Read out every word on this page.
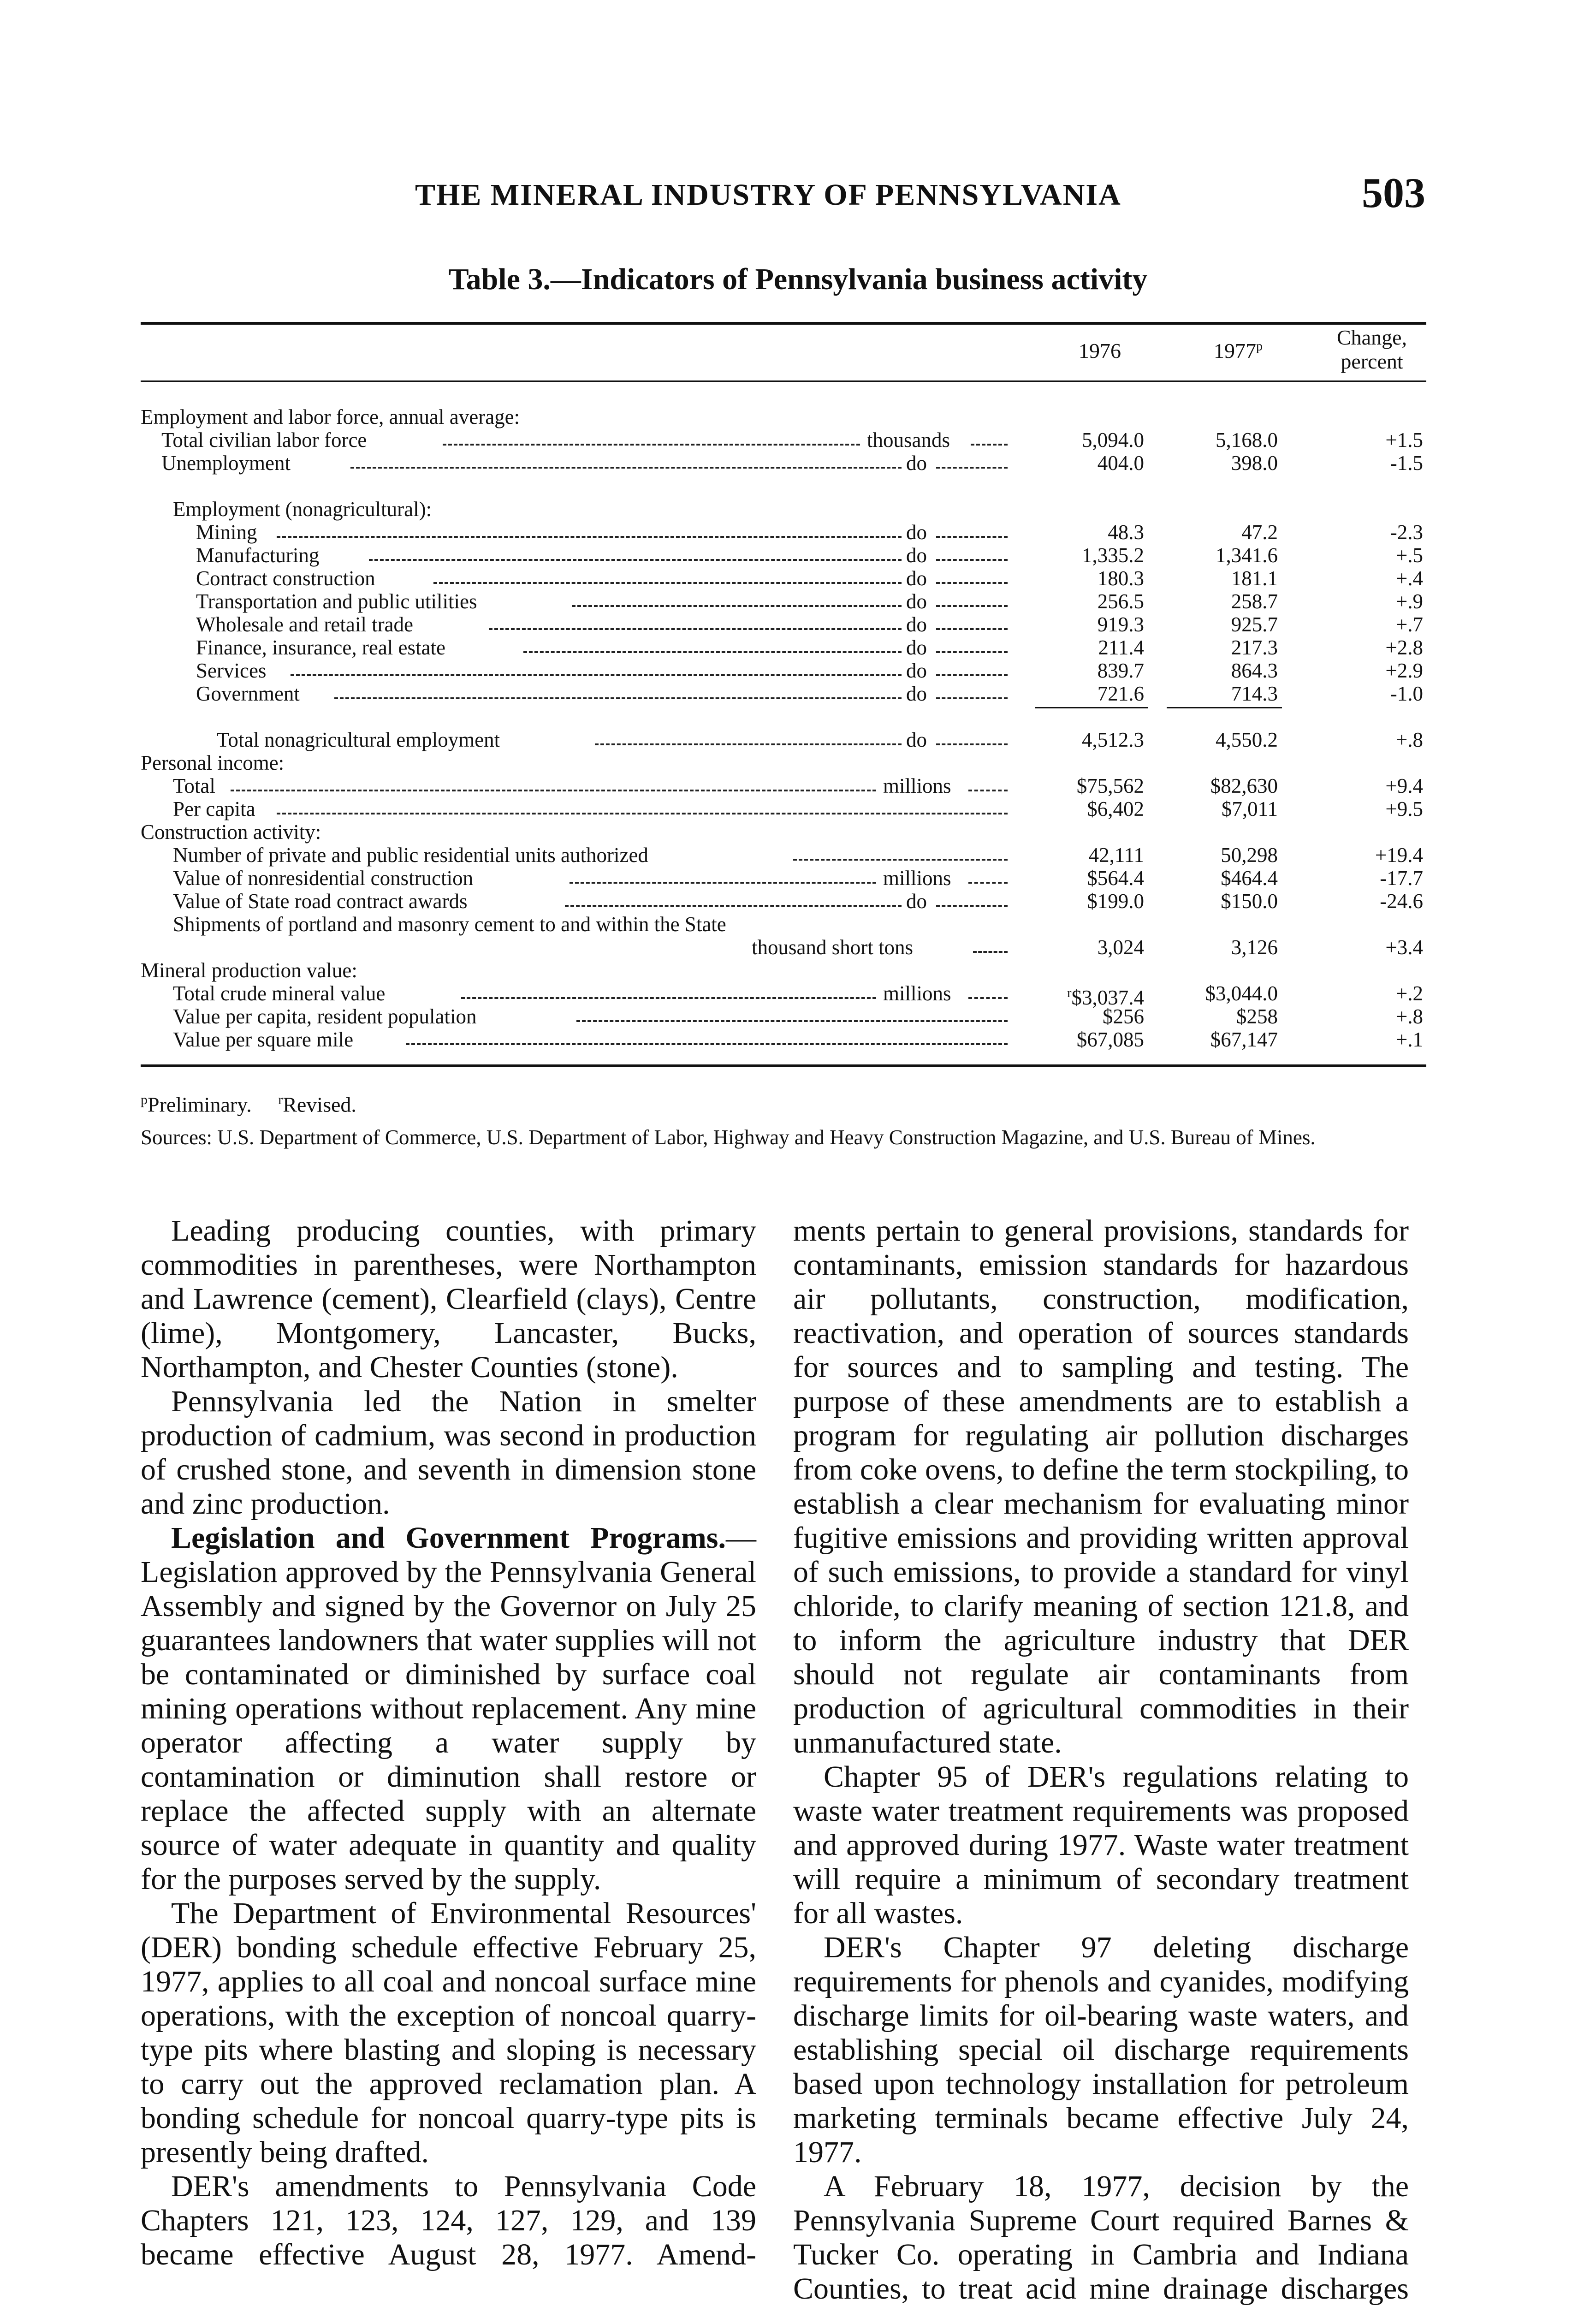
THE MINERAL INDUSTRY OF PENNSYLVANIA	503
Table 3.—Indicators of Pennsylvania business activity
1976	1977$^p$	Change,
percent
Employment and labor force, annual average:
Total civilian labor force	thousands	5,094.0	5,168.0	+1.5
Unemployment	do	404.0	398.0	-1.5
Employment (nonagricultural):
Mining	do	48.3	47.2	-2.3
Manufacturing	do	1,335.2	1,341.6	+.5
Contract construction	do	180.3	181.1	+.4
Transportation and public utilities	do	256.5	258.7	+.9
Wholesale and retail trade	do	919.3	925.7	+.7
Finance, insurance, real estate	do	211.4	217.3	+2.8
Services	do	839.7	864.3	+2.9
Government	do	721.6	714.3	-1.0
Total nonagricultural employment	do	4,512.3	4,550.2	+.8
Personal income:
Total	millions	$75,562	$82,630	+9.4
Per capita	$6,402	$7,011	+9.5
Construction activity:
Number of private and public residential units authorized	42,111	50,298	+19.4
Value of nonresidential construction	millions	$564.4	$464.4	-17.7
Value of State road contract awards	do	$199.0	$150.0	-24.6
Shipments of portland and masonry cement to and within the State
thousand short tons	3,024	3,126	+3.4
Mineral production value:
Total crude mineral value	millions	$^r$\$3,037.4	$3,044.0	+.2
Value per capita, resident population	$256	$258	+.8
Value per square mile	$67,085	$67,147	+.1
$^p$Preliminary. $^r$Revised.
Sources: U.S. Department of Commerce, U.S. Department of Labor, Highway and Heavy Construction Magazine, and U.S. Bureau of Mines.

Leading producing counties, with primary commodities in parentheses, were Northampton and Lawrence (cement), Clearfield (clays), Centre (lime), Montgomery, Lancaster, Bucks, Northampton, and Chester Counties (stone).

Pennsylvania led the Nation in smelter production of cadmium, was second in production of crushed stone, and seventh in dimension stone and zinc production.

Legislation and Government Programs.—Legislation approved by the Pennsylvania General Assembly and signed by the Governor on July 25 guarantees landowners that water supplies will not be contaminated or diminished by surface coal mining operations without replacement. Any mine operator affecting a water supply by contamination or diminution shall restore or replace the affected supply with an alternate source of water adequate in quantity and quality for the purposes served by the supply.

The Department of Environmental Resources' (DER) bonding schedule effective February 25, 1977, applies to all coal and noncoal surface mine operations, with the exception of noncoal quarry-type pits where blasting and sloping is necessary to carry out the approved reclamation plan. A bonding schedule for noncoal quarry-type pits is presently being drafted.

DER's amendments to Pennsylvania Code Chapters 121, 123, 124, 127, 129, and 139 became effective August 28, 1977. Amend-

ments pertain to general provisions, standards for contaminants, emission standards for hazardous air pollutants, construction, modification, reactivation, and operation of sources standards for sources and to sampling and testing. The purpose of these amendments are to establish a program for regulating air pollution discharges from coke ovens, to define the term stockpiling, to establish a clear mechanism for evaluating minor fugitive emissions and providing written approval of such emissions, to provide a standard for vinyl chloride, to clarify meaning of section 121.8, and to inform the agriculture industry that DER should not regulate air contaminants from production of agricultural commodities in their unmanufactured state.

Chapter 95 of DER's regulations relating to waste water treatment requirements was proposed and approved during 1977. Waste water treatment will require a minimum of secondary treatment for all wastes.

DER's Chapter 97 deleting discharge requirements for phenols and cyanides, modifying discharge limits for oil-bearing waste waters, and establishing special oil discharge requirements based upon technology installation for petroleum marketing terminals became effective July 24, 1977.

A February 18, 1977, decision by the Pennsylvania Supreme Court required Barnes & Tucker Co. operating in Cambria and Indiana Counties, to treat acid mine drainage discharges
